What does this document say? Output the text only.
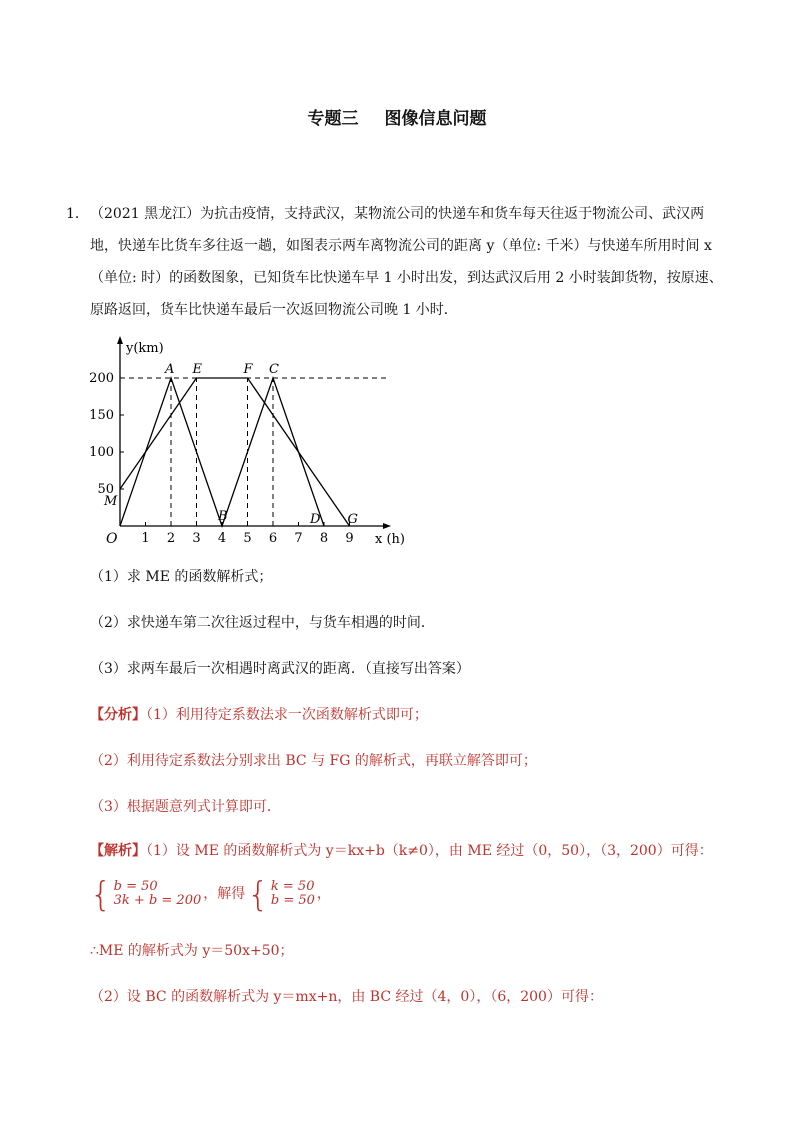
专题三 图像信息问题
1． （2021 黑龙江）为抗击疫情，支持武汉，某物流公司的快递车和货车每天往返于物流公司、武汉两地，快递车比货车多往返一趟，如图表示两车离物流公司的距离 y（单位: 千米）与快递车所用时间 x（单位: 时）的函数图象，已知货车比快递车早 1 小时出发，到达武汉后用 2 小时装卸货物，按原速、原路返回，货车比快递车最后一次返回物流公司晚 1 小时．
1 2 3 4 5 6 7 8 9
50
100
150
200
O
y(km)
x (h)
M
A E
B
F C
D G
（1）求 ME 的函数解析式；
（2）求快递车第二次往返过程中，与货车相遇的时间．
（3）求两车最后一次相遇时离武汉的距离．（直接写出答案）
【分析】（1）利用待定系数法求一次函数解析式即可；
（2）利用待定系数法分别求出 BC 与 FG 的解析式，再联立解答即可；
（3）根据题意列式计算即可．
【解析】（1）设 ME 的函数解析式为 y＝kx+b（k≠0），由 ME 经过（0，50），（3，200）可得：
{ b = 50
3k + b = 200 ，解得 { k = 50
b = 50 ，
∴ME 的解析式为 y＝50x+50；
（2）设 BC 的函数解析式为 y＝mx+n，由 BC 经过（4，0），（6，200）可得：
